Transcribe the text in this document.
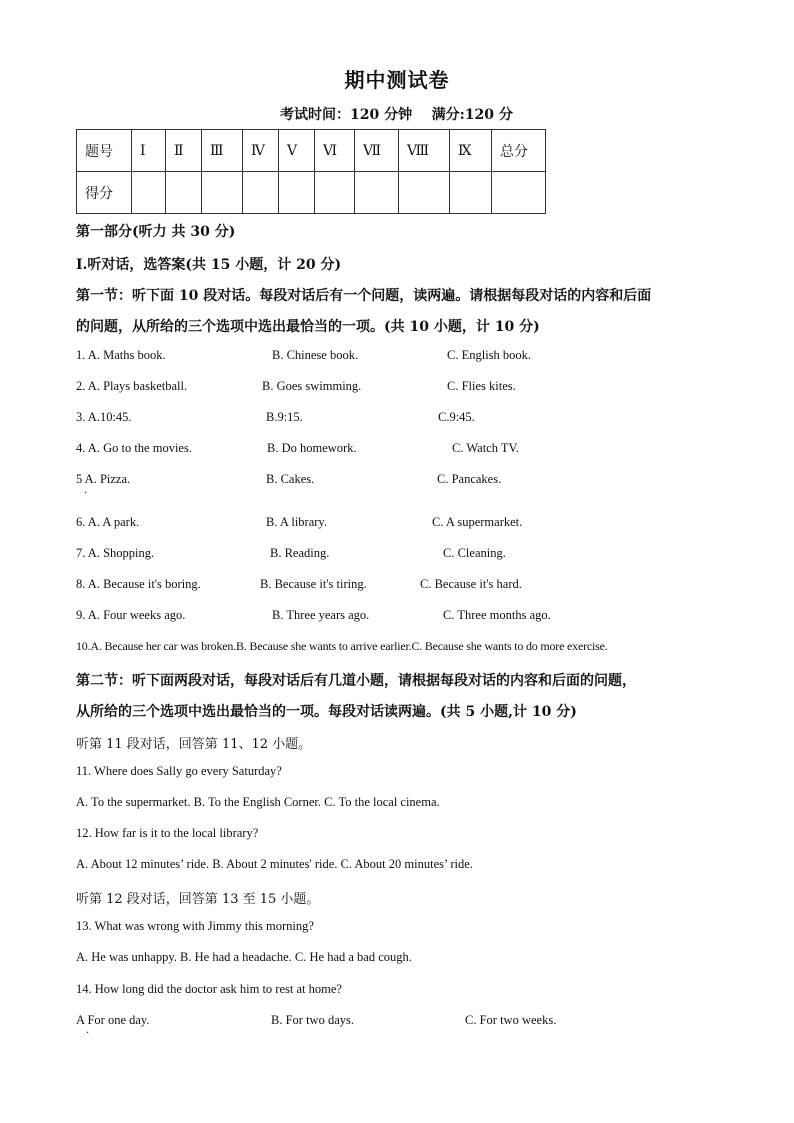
期中测试卷
考试时间：120 分钟    满分:120 分
题号	Ⅰ	Ⅱ	Ⅲ	Ⅳ	Ⅴ	Ⅵ	Ⅶ	Ⅷ	Ⅸ	总分
得分										
第一部分(听力 共 30 分)
Ⅰ.听对话，选答案(共 15 小题，计 20 分)
第一节：听下面 10 段对话。每段对话后有一个问题，读两遍。请根据每段对话的内容和后面
的问题，从所给的三个选项中选出最恰当的一项。(共 10 小题，计 10 分)
1. A. Maths book.	B. Chinese book.	C. English book.
2. A. Plays basketball.	B. Goes swimming.	C. Flies kites.
3. A.10:45.	B.9:15.	C.9:45.
4. A. Go to the movies.	B. Do homework.	C. Watch TV.
5 A. Pizza.	B. Cakes.	C. Pancakes.
·
6. A. A park.	B. A library.	C. A supermarket.
7. A. Shopping.	B. Reading.	C. Cleaning.
8. A. Because it's boring.	B. Because it's tiring.	C. Because it's hard.
9. A. Four weeks ago.	B. Three years ago.	C. Three months ago.
10.A. Because her car was broken.B. Because she wants to arrive earlier.C. Because she wants to do more exercise.
第二节：听下面两段对话，每段对话后有几道小题，请根据每段对话的内容和后面的问题，
从所给的三个选项中选出最恰当的一项。每段对话读两遍。(共 5 小题,计 10 分)
听第 11 段对话，回答第 11、12 小题。
11. Where does Sally go every Saturday?
A. To the supermarket. B. To the English Corner. C. To the local cinema.
12. How far is it to the local library?
A. About 12 minutes’ ride. B. About 2 minutes' ride. C. About 20 minutes’ ride.
听第 12 段对话，回答第 13 至 15 小题。
13. What was wrong with Jimmy this morning?
A. He was unhappy. B. He had a headache. C. He had a bad cough.
14. How long did the doctor ask him to rest at home?
A For one day.	B. For two days.	C. For two weeks.
·
